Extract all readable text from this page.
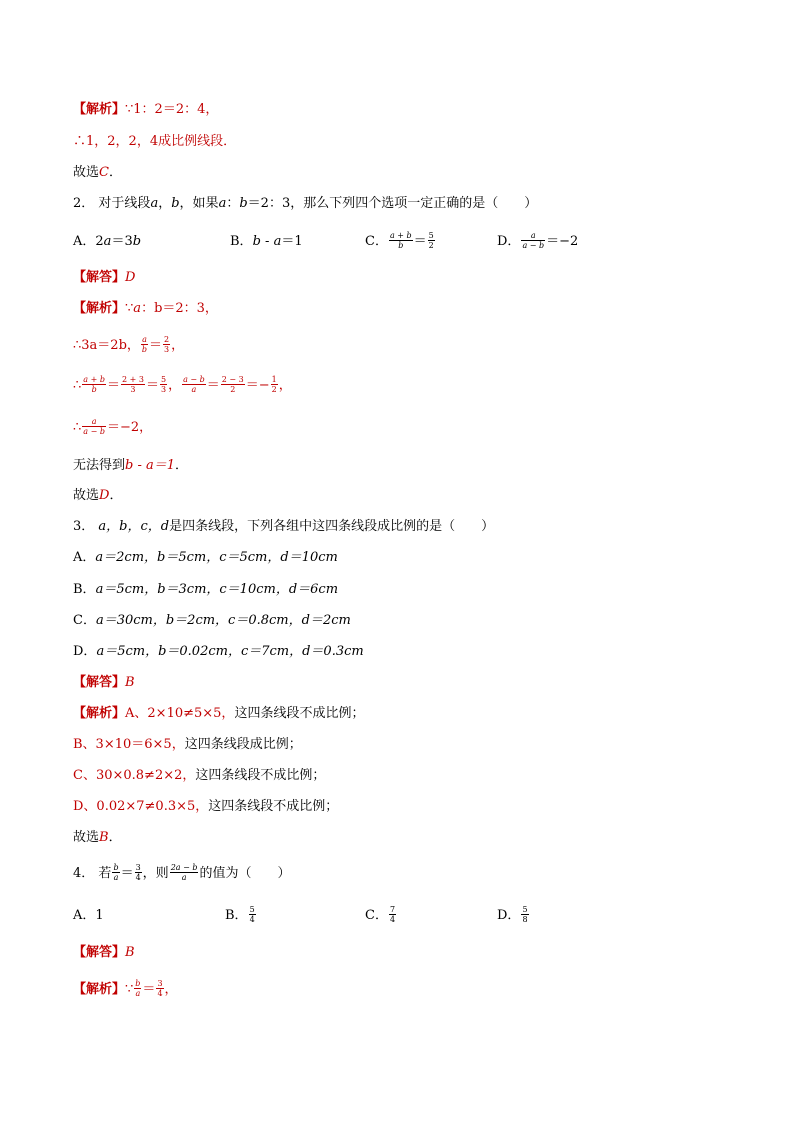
【解析】∵1：2＝2：4，
∴1，2，2，4成比例线段．
故选C．
2． 对于线段a，b，如果a：b＝2：3，那么下列四个选项一定正确的是（　　）
A．2a＝3b	B．b - a＝1	C． $\frac{a + b}{b} = \frac{5}{2}$	D． $\frac{a}{a - b} =-2$
【解答】D
【解析】∵a：b＝2：3，
∴3a＝2b， $\frac{a}{b} = \frac{2}{3}$ ，
∴ $\frac{a + b}{b} = \frac{2 + 3}{3} = \frac{5}{3}$ ， $\frac{a - b}{a} = \frac{2 - 3}{2} =- \frac{1}{2}$ ，
∴ $\frac{a}{a - b} =-2$，
无法得到b - a＝1．
故选D．
3． a，b，c，d是四条线段，下列各组中这四条线段成比例的是（　　）
A．a＝2cm，b＝5cm，c＝5cm，d＝10cm
B．a＝5cm，b＝3cm，c＝10cm，d＝6cm
C．a＝30cm，b＝2cm，c＝0.8cm，d＝2cm
D．a＝5cm，b＝0.02cm，c＝7cm，d＝0.3cm
【解答】B
【解析】A、2×10≠5×5，这四条线段不成比例；
B、3×10＝6×5，这四条线段成比例；
C、30×0.8≠2×2，这四条线段不成比例；
D、0.02×7≠0.3×5，这四条线段不成比例；
故选B．
4． 若 $\frac{b}{a} = \frac{3}{4}$ ，则 $\frac{2a - b}{a}$ 的值为（　　）
A．1	B． $\frac{5}{4}$	C． $\frac{7}{4}$	D． $\frac{5}{8}$
【解答】B
【解析】∵ $\frac{b}{a} = \frac{3}{4}$ ，
